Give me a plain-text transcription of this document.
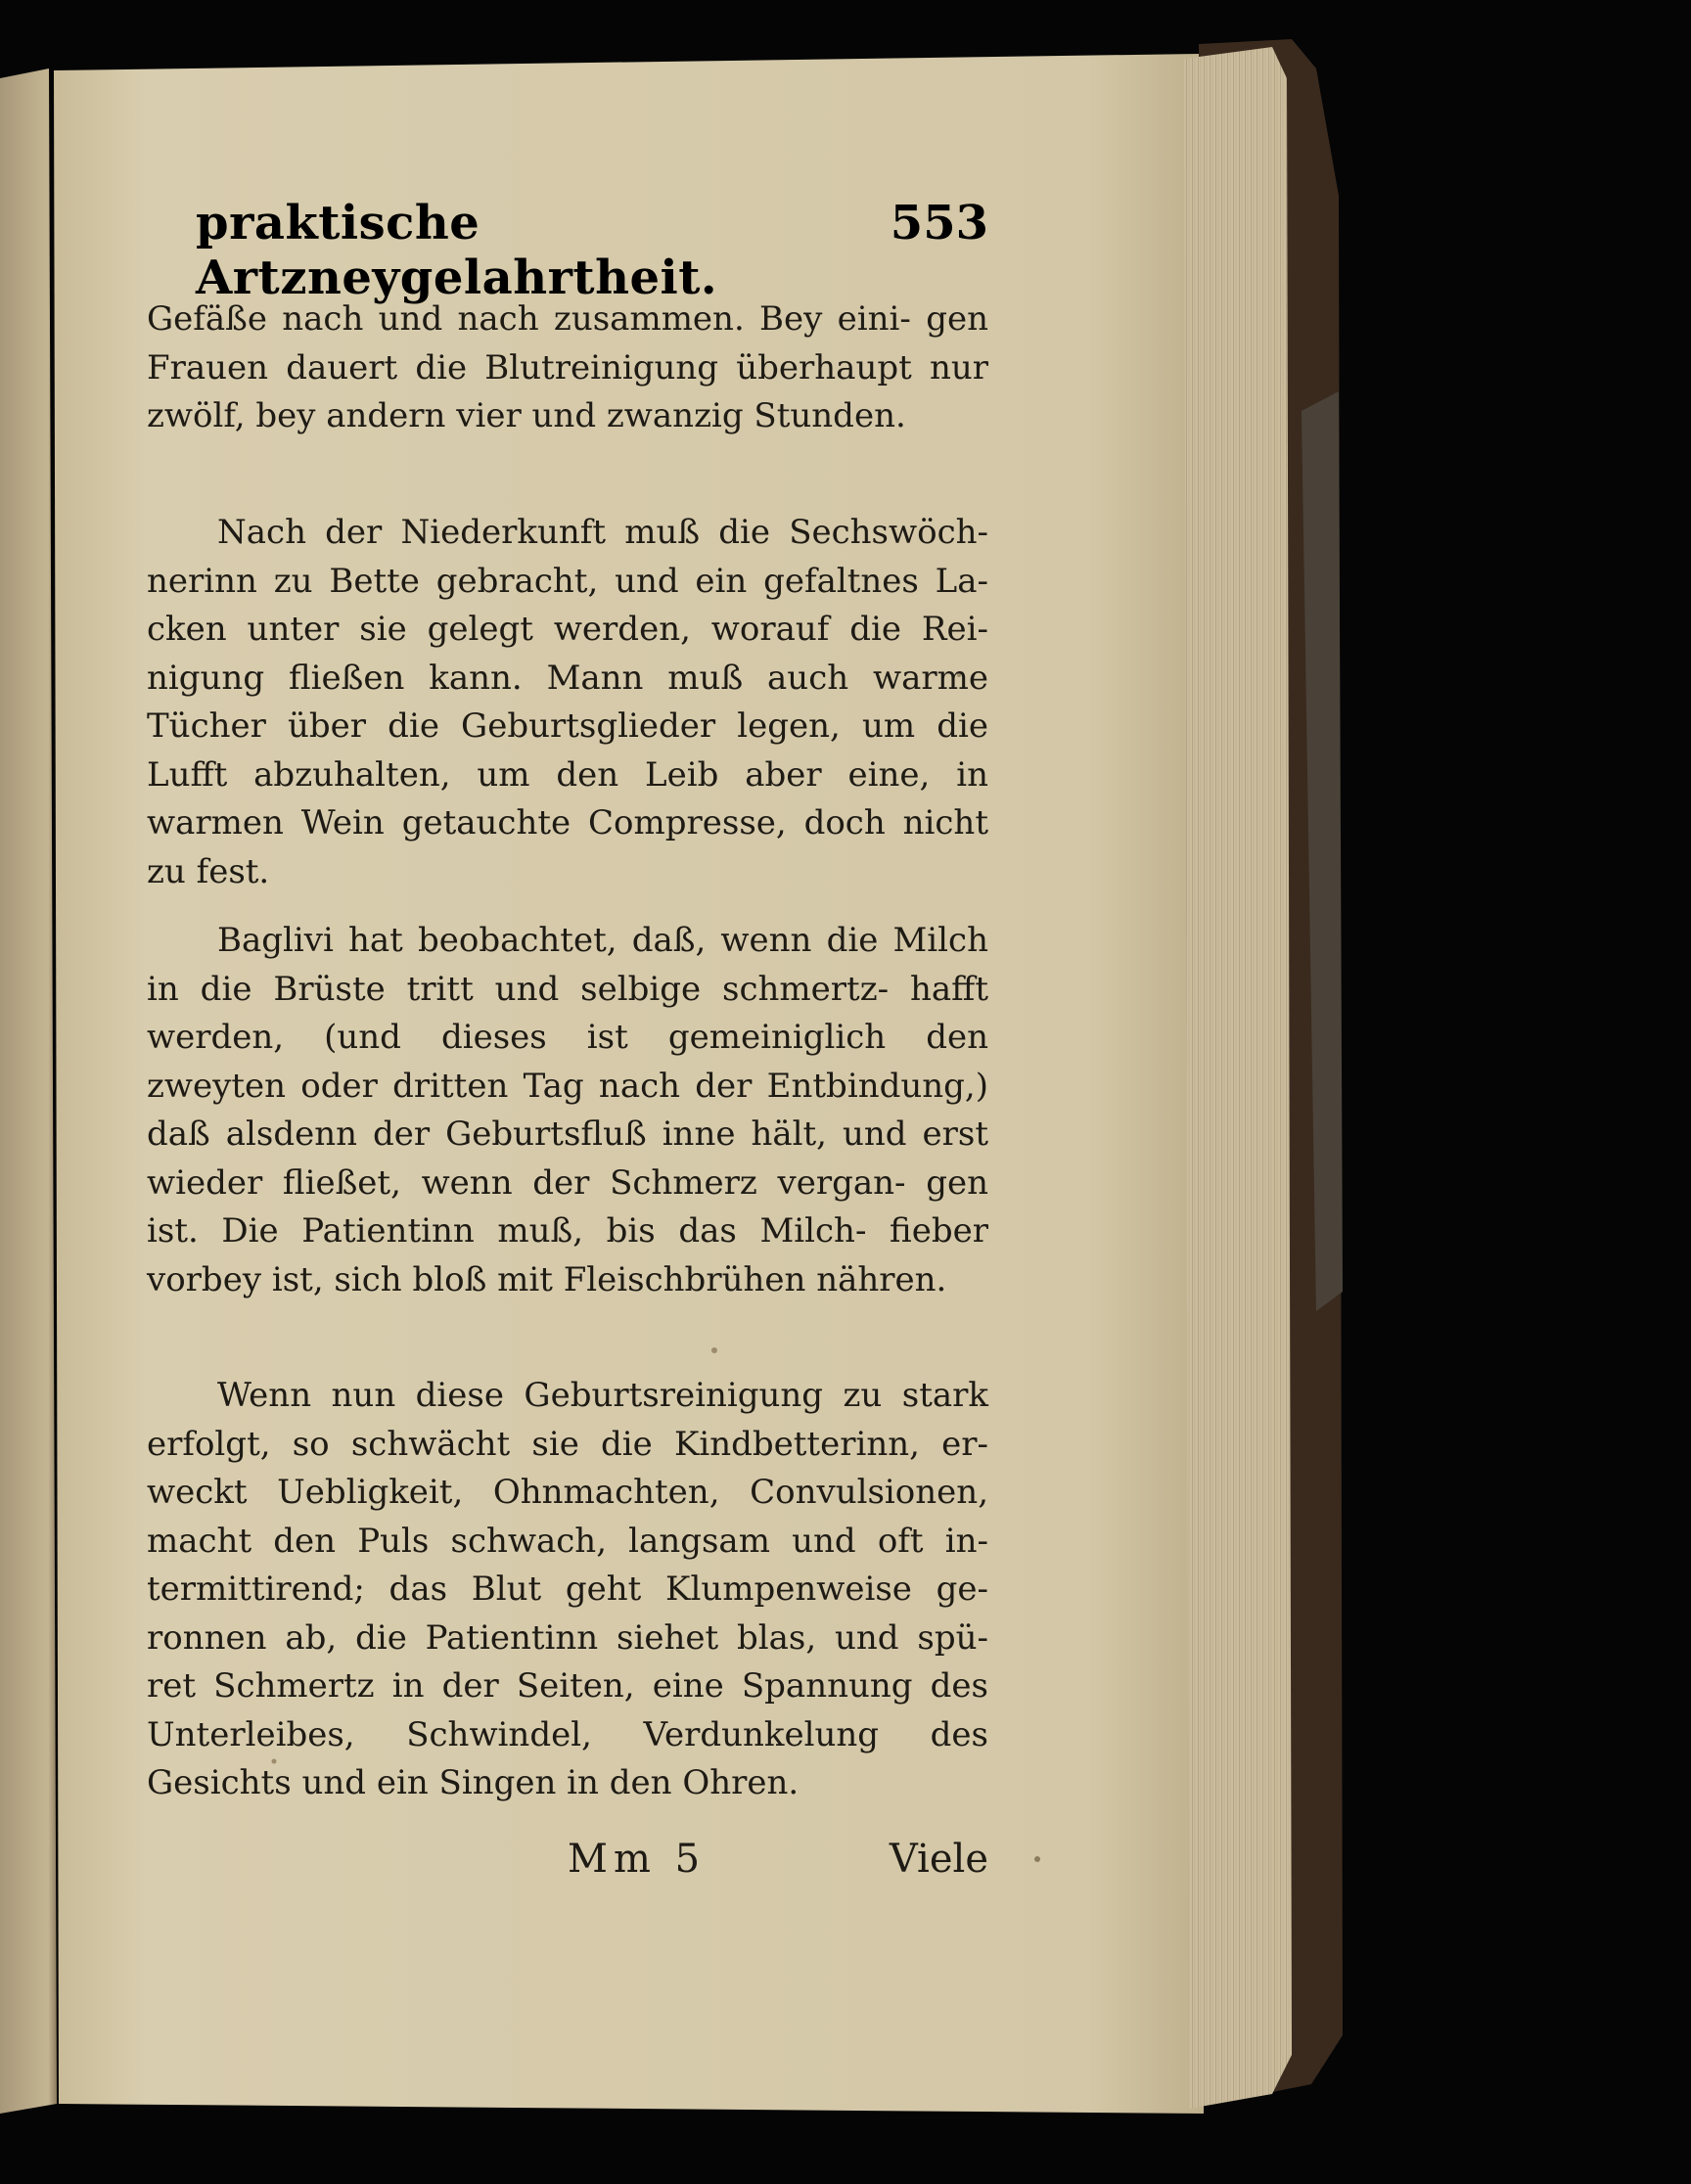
praktische Artzneygelahrtheit.
553

Gefäße nach und nach zusammen. Bey eini- gen Frauen dauert die Blutreinigung überhaupt nur zwölf, bey andern vier und zwanzig Stunden.

Nach der Niederkunft muß die Sechswöch- nerinn zu Bette gebracht, und ein gefaltnes La- cken unter sie gelegt werden, worauf die Rei- nigung fließen kann. Mann muß auch warme Tücher über die Geburtsglieder legen, um die Lufft abzuhalten, um den Leib aber eine, in warmen Wein getauchte Compresse, doch nicht zu fest.

Baglivi hat beobachtet, daß, wenn die Milch in die Brüste tritt und selbige schmertz- hafft werden, (und dieses ist gemeiniglich den zweyten oder dritten Tag nach der Entbindung,) daß alsdenn der Geburtsfluß inne hält, und erst wieder fließet, wenn der Schmerz vergan- gen ist. Die Patientinn muß, bis das Milch- fieber vorbey ist, sich bloß mit Fleischbrühen nähren.

Wenn nun diese Geburtsreinigung zu stark erfolgt, so schwächt sie die Kindbetterinn, er- weckt Uebligkeit, Ohnmachten, Convulsionen, macht den Puls schwach, langsam und oft in- termittirend; das Blut geht Klumpenweise ge- ronnen ab, die Patientinn siehet blas, und spü- ret Schmertz in der Seiten, eine Spannung des Unterleibes, Schwindel, Verdunkelung des Gesichts und ein Singen in den Ohren.

Mm 5	Viele
